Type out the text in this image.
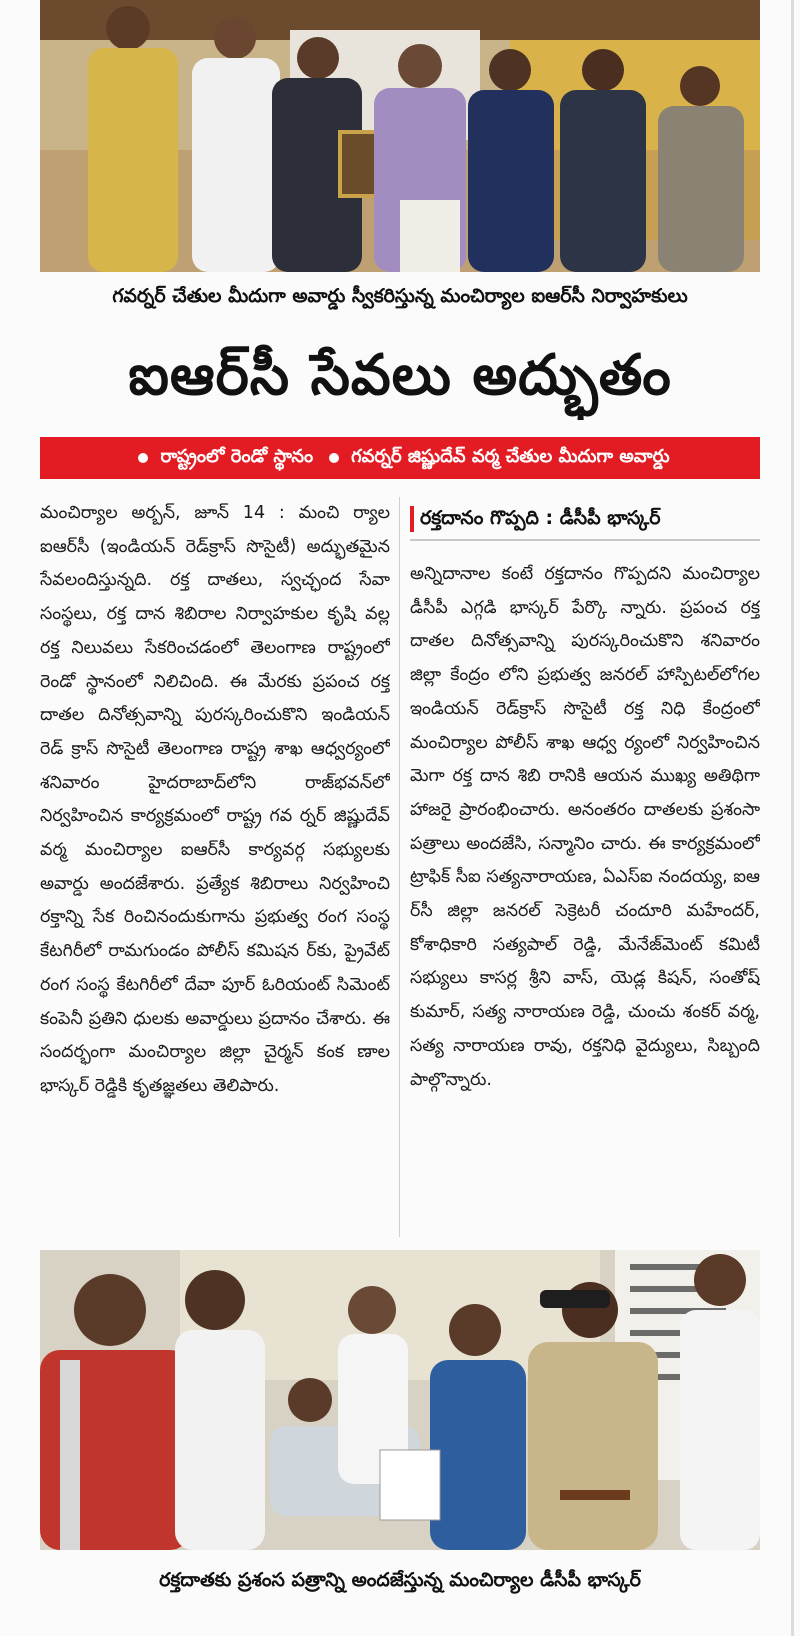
గవర్నర్ చేతుల మీదుగా అవార్డు స్వీకరిస్తున్న మంచిర్యాల ఐఆర్‌సీ నిర్వాహకులు
ఐఆర్‌సీ సేవలు అద్భుతం
రాష్ట్రంలో రెండో స్థానం గవర్నర్ జిష్ణుదేవ్ వర్మ చేతుల మీదుగా అవార్డు

మంచిర్యాల అర్బన్, జూన్ 14 : మంచి ర్యాల ఐఆర్‌సీ (ఇండియన్ రెడ్‌క్రాస్ సొసైటీ) అద్భుతమైన సేవలందిస్తున్నది. రక్త దాతలు, స్వచ్ఛంద సేవా సంస్థలు, రక్త దాన శిబిరాల నిర్వాహకుల కృషి వల్ల రక్త నిలువలు సేకరించడంలో తెలంగాణ రాష్ట్రంలో రెండో స్థానంలో నిలిచింది. ఈ మేరకు ప్రపంచ రక్త దాతల దినోత్సవాన్ని పురస్కరించుకొని ఇండియన్ రెడ్ క్రాస్ సొసైటీ తెలంగాణ రాష్ట్ర శాఖ ఆధ్వర్యంలో శనివారం హైదరాబాద్‌లోని రాజ్‌భవన్‌లో నిర్వహించిన కార్యక్రమంలో రాష్ట్ర గవ ర్నర్ జిష్ణుదేవ్ వర్మ మంచిర్యాల ఐఆర్‌సీ కార్యవర్గ సభ్యులకు అవార్డు అందజేశారు. ప్రత్యేక శిబిరాలు నిర్వహించి రక్తాన్ని సేక రించినందుకుగాను ప్రభుత్వ రంగ సంస్థ కేటగిరీలో రామగుండం పోలీస్ కమిషన ర్‌కు, ప్రైవేట్ రంగ సంస్థ కేటగిరీలో దేవా పూర్ ఓరియంట్ సిమెంట్ కంపెనీ ప్రతిని ధులకు అవార్డులు ప్రదానం చేశారు. ఈ సందర్భంగా మంచిర్యాల జిల్లా చైర్మన్ కంక ణాల భాస్కర్ రెడ్డికి కృతజ్ఞతలు తెలిపారు.

రక్తదానం గొప్పది : డీసీపీ భాస్కర్

అన్నిదానాల కంటే రక్తదానం గొప్పదని మంచిర్యాల డీసీపీ ఎగ్గడి భాస్కర్ పేర్కొ న్నారు. ప్రపంచ రక్త దాతల దినోత్సవాన్ని పురస్కరించుకొని శనివారం జిల్లా కేంద్రం లోని ప్రభుత్వ జనరల్ హాస్పిటల్‌లోగల ఇండియన్ రెడ్‌క్రాస్ సొసైటీ రక్త నిధి కేంద్రంలో మంచిర్యాల పోలీస్ శాఖ ఆధ్వ ర్యంలో నిర్వహించిన మెగా రక్త దాన శిబి రానికి ఆయన ముఖ్య అతిథిగా హాజరై ప్రారంభించారు. అనంతరం దాతలకు ప్రశంసా పత్రాలు అందజేసి, సన్మానిం చారు. ఈ కార్యక్రమంలో ట్రాఫిక్ సీఐ సత్యనారాయణ, ఏఎస్ఐ నందయ్య, ఐఆ ర్‌సీ జిల్లా జనరల్ సెక్రెటరీ చందూరి మహేందర్, కోశాధికారి సత్యపాల్ రెడ్డి, మేనేజ్‌మెంట్ కమిటీ సభ్యులు కాసర్ల శ్రీని వాస్, యెడ్ల కిషన్, సంతోష్ కుమార్, సత్య నారాయణ రెడ్డి, చుంచు శంకర్ వర్మ, సత్య నారాయణ రావు, రక్తనిధి వైద్యులు, సిబ్బంది పాల్గొన్నారు.

రక్తదాతకు ప్రశంస పత్రాన్ని అందజేస్తున్న మంచిర్యాల డీసీపీ భాస్కర్
